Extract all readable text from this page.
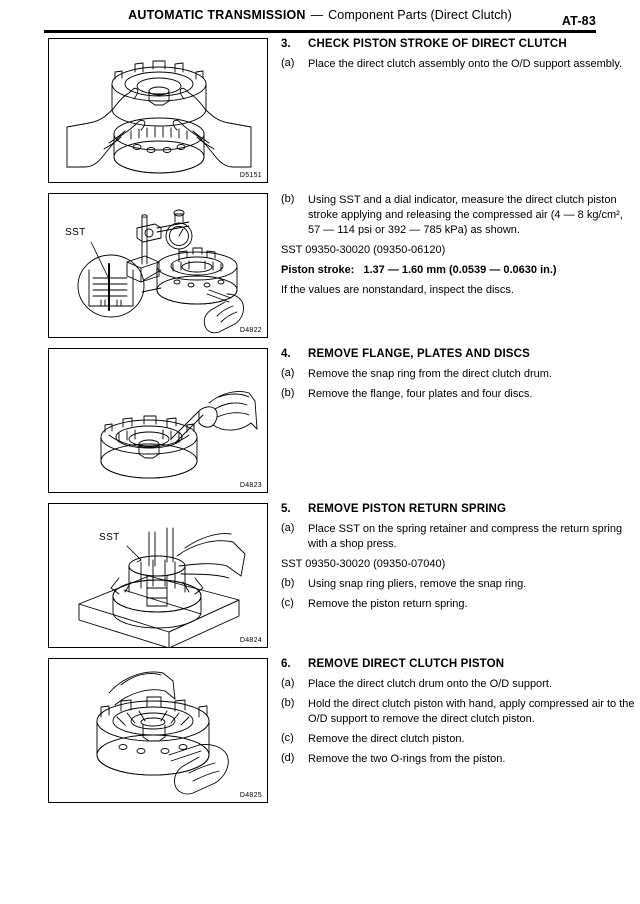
AUTOMATIC TRANSMISSION — Component Parts (Direct Clutch)	AT-83
D5151
3.	CHECK PISTON STROKE OF DIRECT CLUTCH
(a)	Place the direct clutch assembly onto the O/D support assembly.
SST
D4822
(b)	Using SST and a dial indicator, measure the direct clutch piston stroke applying and releasing the compressed air (4 — 8 kg/cm², 57 — 114 psi or 392 — 785 kPa) as shown.
SST 09350-30020 (09350-06120)
Piston stroke: 1.37 — 1.60 mm (0.0539 — 0.0630 in.)
If the values are nonstandard, inspect the discs.
D4823
4.	REMOVE FLANGE, PLATES AND DISCS
(a)	Remove the snap ring from the direct clutch drum.
(b)	Remove the flange, four plates and four discs.
SST
D4824
5.	REMOVE PISTON RETURN SPRING
(a)	Place SST on the spring retainer and compress the return spring with a shop press.
SST 09350-30020 (09350-07040)
(b)	Using snap ring pliers, remove the snap ring.
(c)	Remove the piston return spring.
D4825
6.	REMOVE DIRECT CLUTCH PISTON
(a)	Place the direct clutch drum onto the O/D support.
(b)	Hold the direct clutch piston with hand, apply compressed air to the O/D support to remove the direct clutch piston.
(c)	Remove the direct clutch piston.
(d)	Remove the two O-rings from the piston.
